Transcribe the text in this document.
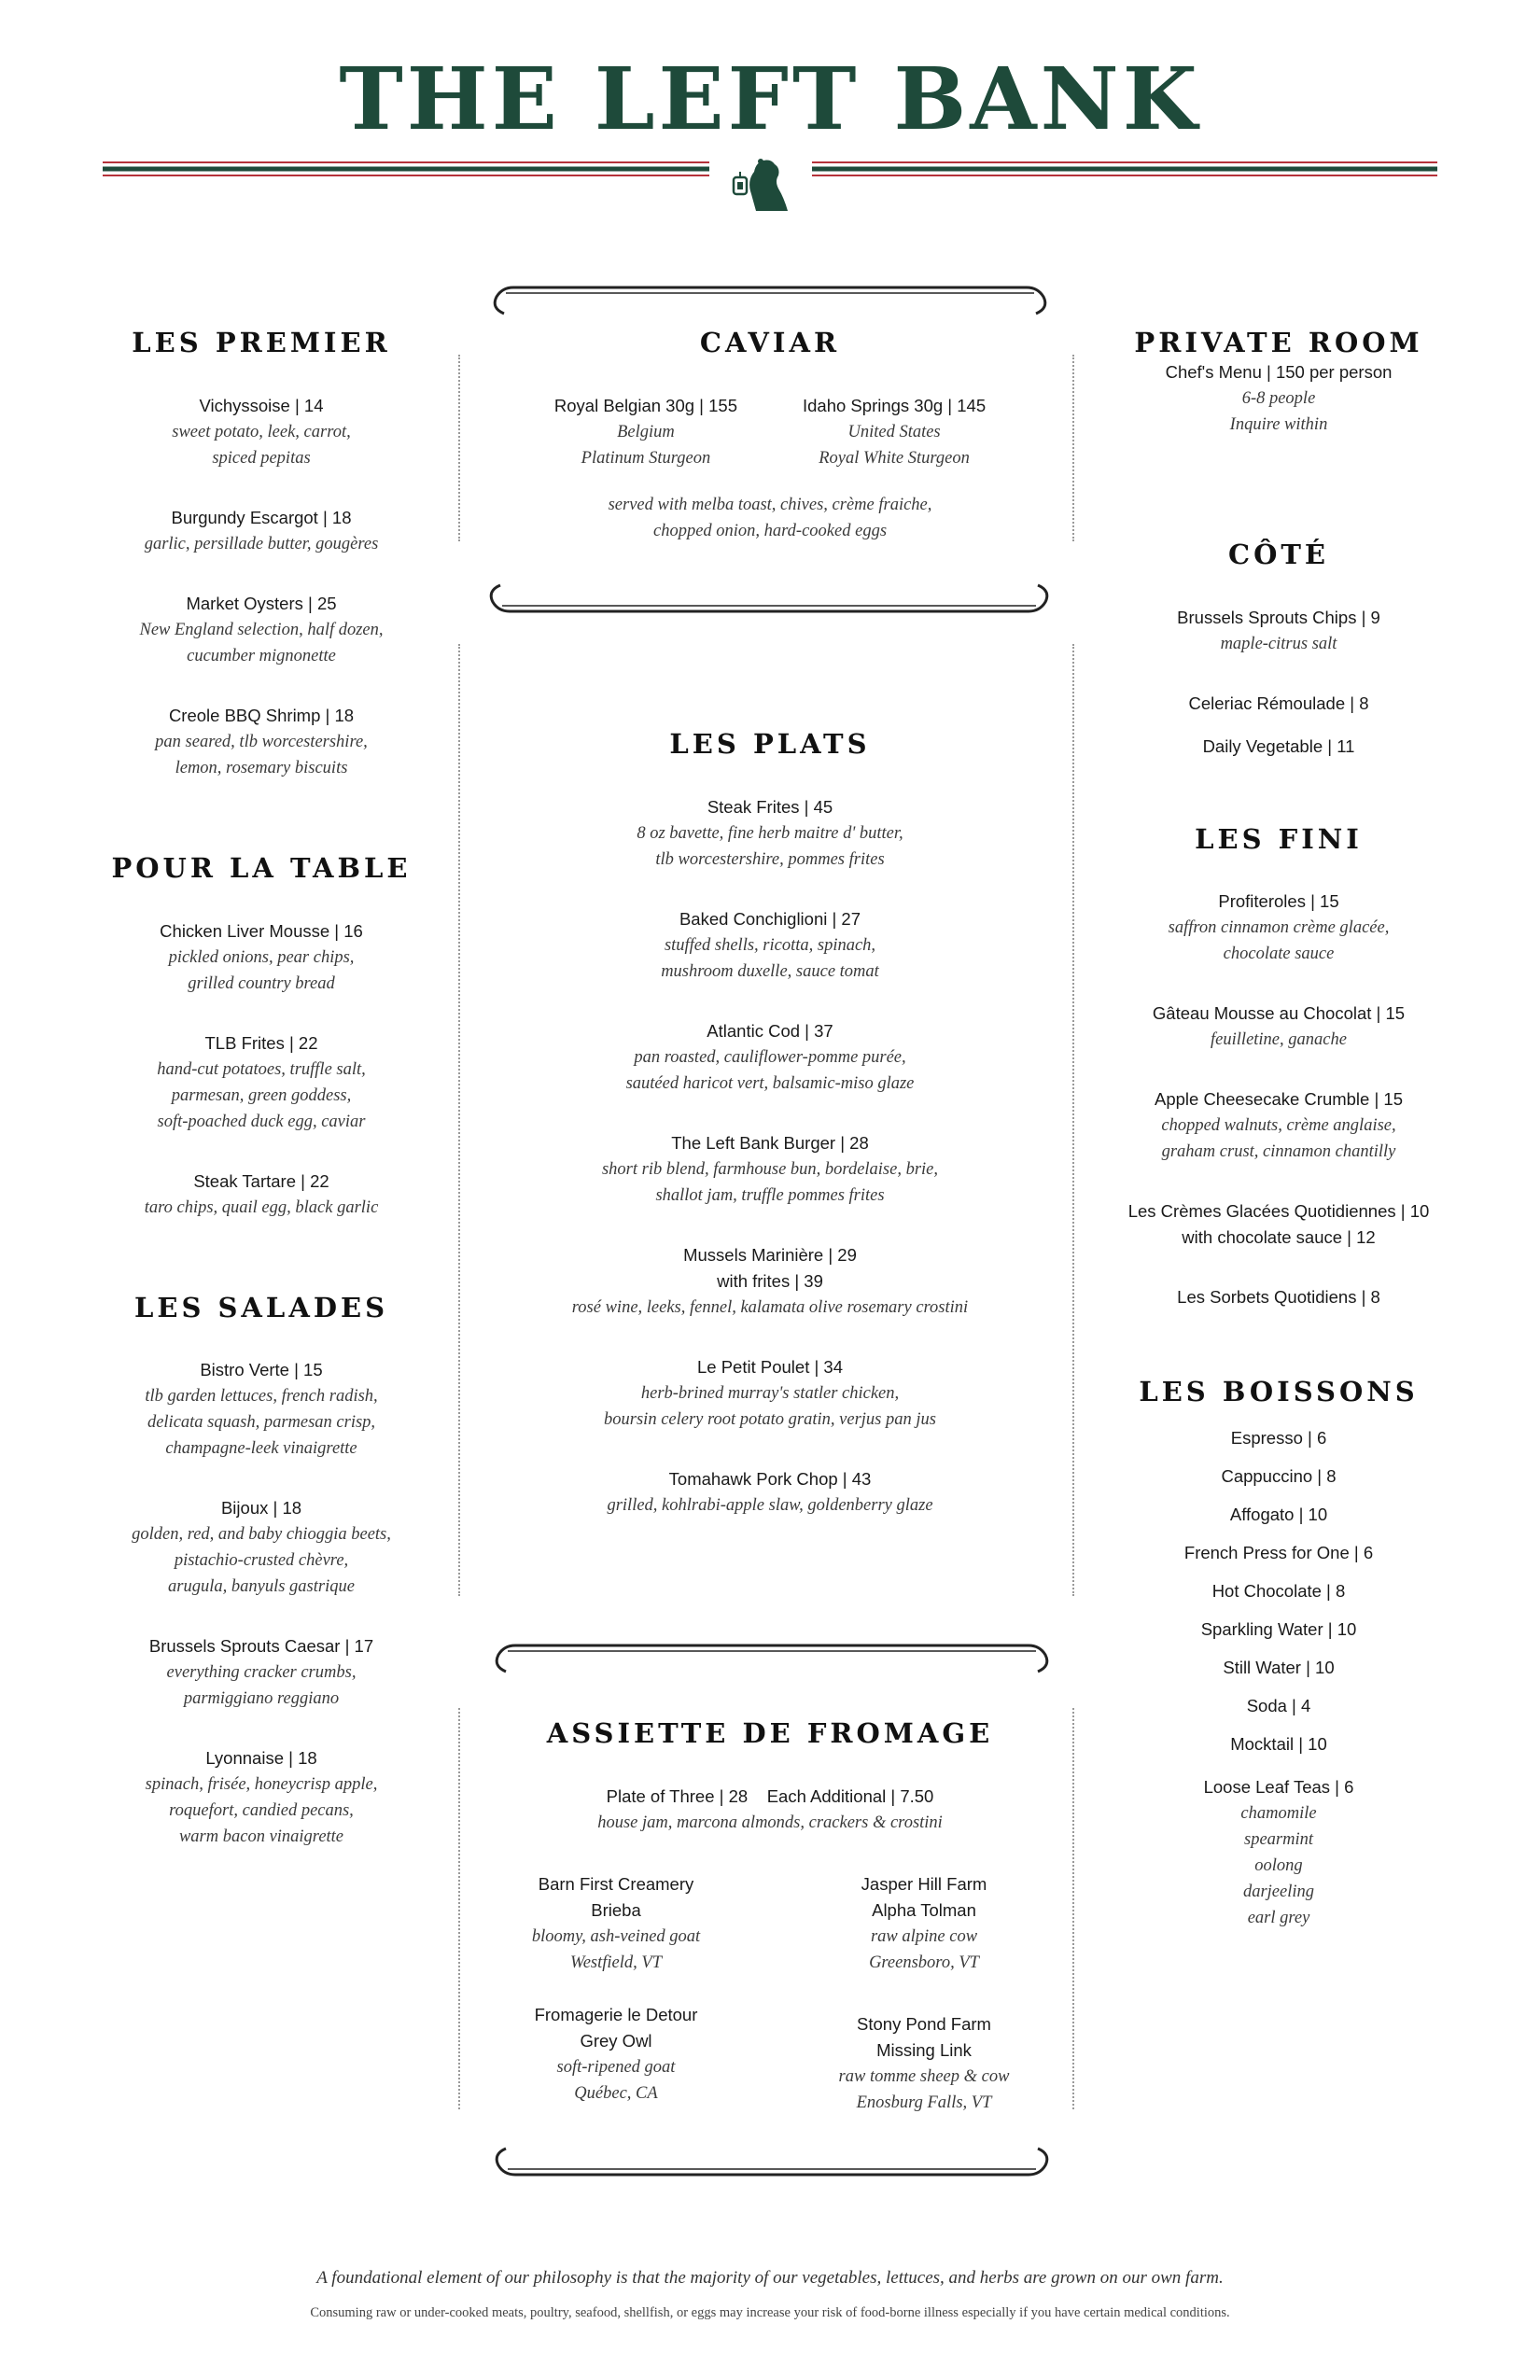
THE LEFT BANK
LES PREMIER
Vichyssoise | 14
sweet potato, leek, carrot,
spiced pepitas
Burgundy Escargot | 18
garlic, persillade butter, gougères
Market Oysters | 25
New England selection, half dozen,
cucumber mignonette
Creole BBQ Shrimp | 18
pan seared, tlb worcestershire,
lemon, rosemary biscuits
POUR LA TABLE
Chicken Liver Mousse | 16
pickled onions, pear chips,
grilled country bread
TLB Frites | 22
hand-cut potatoes, truffle salt,
parmesan, green goddess,
soft-poached duck egg, caviar
Steak Tartare | 22
taro chips, quail egg, black garlic
LES SALADES
Bistro Verte | 15
tlb garden lettuces, french radish,
delicata squash, parmesan crisp,
champagne-leek vinaigrette
Bijoux | 18
golden, red, and baby chioggia beets,
pistachio-crusted chèvre,
arugula, banyuls gastrique
Brussels Sprouts Caesar | 17
everything cracker crumbs,
parmiggiano reggiano
Lyonnaise | 18
spinach, frisée, honeycrisp apple,
roquefort, candied pecans,
warm bacon vinaigrette
CAVIAR
Royal Belgian 30g | 155
Belgium
Platinum Sturgeon
Idaho Springs 30g | 145
United States
Royal White Sturgeon
served with melba toast, chives, crème fraiche,
chopped onion, hard-cooked eggs
LES PLATS
Steak Frites | 45
8 oz bavette, fine herb maitre d' butter,
tlb worcestershire, pommes frites
Baked Conchiglioni | 27
stuffed shells, ricotta, spinach,
mushroom duxelle, sauce tomat
Atlantic Cod | 37
pan roasted, cauliflower-pomme purée,
sautéed haricot vert, balsamic-miso glaze
The Left Bank Burger | 28
short rib blend, farmhouse bun, bordelaise, brie,
shallot jam, truffle pommes frites
Mussels Marinière | 29
with frites | 39
rosé wine, leeks, fennel, kalamata olive rosemary crostini
Le Petit Poulet | 34
herb-brined murray's statler chicken,
boursin celery root potato gratin, verjus pan jus
Tomahawk Pork Chop | 43
grilled, kohlrabi-apple slaw, goldenberry glaze
ASSIETTE DE FROMAGE
Plate of Three | 28    Each Additional | 7.50
house jam, marcona almonds, crackers & crostini
Barn First Creamery
Brieba
bloomy, ash-veined goat
Westfield, VT
Jasper Hill Farm
Alpha Tolman
raw alpine cow
Greensboro, VT
Fromagerie le Detour
Grey Owl
soft-ripened goat
Québec, CA
Stony Pond Farm
Missing Link
raw tomme sheep & cow
Enosburg Falls, VT
PRIVATE ROOM
Chef's Menu | 150 per person
6-8 people
Inquire within
CÔTÉ
Brussels Sprouts Chips | 9
maple-citrus salt
Celeriac Rémoulade | 8
Daily Vegetable | 11
LES FINI
Profiteroles | 15
saffron cinnamon crème glacée,
chocolate sauce
Gâteau Mousse au Chocolat | 15
feuilletine, ganache
Apple Cheesecake Crumble | 15
chopped walnuts, crème anglaise,
graham crust, cinnamon chantilly
Les Crèmes Glacées Quotidiennes | 10
with chocolate sauce | 12
Les Sorbets Quotidiens | 8
LES BOISSONS
Espresso | 6
Cappuccino | 8
Affogato | 10
French Press for One | 6
Hot Chocolate | 8
Sparkling Water | 10
Still Water | 10
Soda | 4
Mocktail | 10
Loose Leaf Teas | 6
chamomile
spearmint
oolong
darjeeling
earl grey
A foundational element of our philosophy is that the majority of our vegetables, lettuces, and herbs are grown on our own farm.
Consuming raw or under-cooked meats, poultry, seafood, shellfish, or eggs may increase your risk of food-borne illness especially if you have certain medical conditions.
